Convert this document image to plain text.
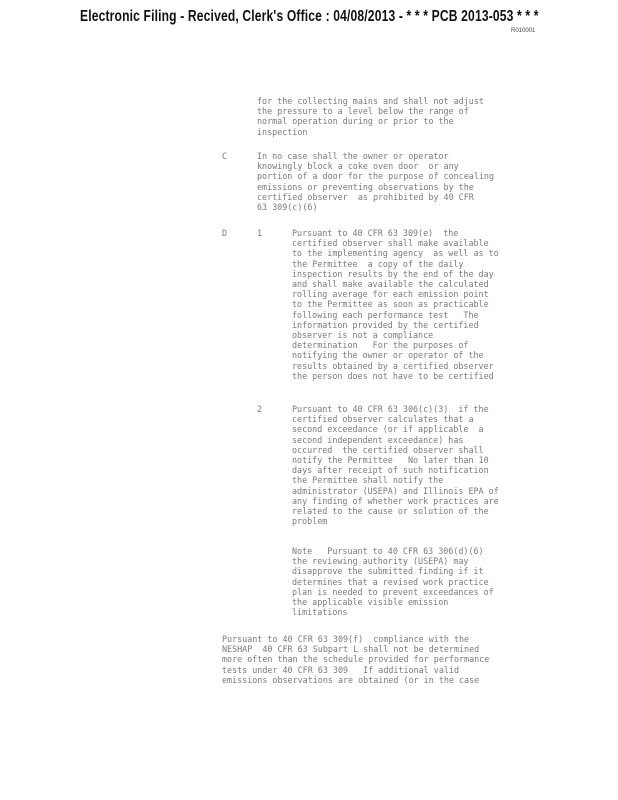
Electronic Filing - Recived, Clerk's Office : 04/08/2013 - * * * PCB 2013-053 * * *
R010001
for the collecting mains and shall not adjust
the pressure to a level below the range of
normal operation during or prior to the
inspection
C	In no case shall the owner or operator
knowingly block a coke oven door  or any
portion of a door for the purpose of concealing
emissions or preventing observations by the
certified observer  as prohibited by 40 CFR
63 309(c)(6)
D	1	Pursuant to 40 CFR 63 309(e)  the
certified observer shall make available
to the implementing agency  as well as to
the Permittee  a copy of the daily
inspection results by the end of the day
and shall make available the calculated
rolling average for each emission point
to the Permittee as soon as practicable
following each performance test   The
information provided by the certified
observer is not a compliance
determination   For the purposes of
notifying the owner or operator of the
results obtained by a certified observer
the person does not have to be certified
2	Pursuant to 40 CFR 63 306(c)(3)  if the
certified observer calculates that a
second exceedance (or if applicable  a
second independent exceedance) has
occurred  the certified observer shall
notify the Permittee   No later than 10
days after receipt of such notification
the Permittee shall notify the
administrator (USEPA) and Illinois EPA of
any finding of whether work practices are
related to the cause or solution of the
problem
Note   Pursuant to 40 CFR 63 306(d)(6)
the reviewing authority (USEPA) may
disapprove the submitted finding if it
determines that a revised work practice
plan is needed to prevent exceedances of
the applicable visible emission
limitations
Pursuant to 40 CFR 63 309(f)  compliance with the
NESHAP  40 CFR 63 Subpart L shall not be determined
more often than the schedule provided for performance
tests under 40 CFR 63 309   If additional valid
emissions observations are obtained (or in the case
